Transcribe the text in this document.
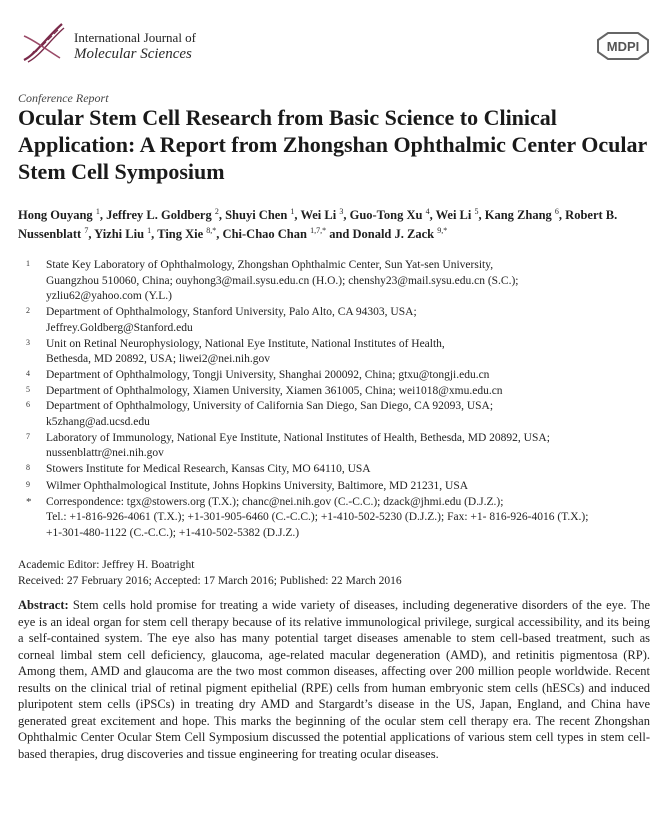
International Journal of
Molecular Sciences	MDPI
Conference Report
Ocular Stem Cell Research from Basic Science to Clinical Application: A Report from Zhongshan Ophthalmic Center Ocular Stem Cell Symposium
Hong Ouyang $^1$, Jeffrey L. Goldberg $^2$, Shuyi Chen $^1$, Wei Li $^3$, Guo-Tong Xu $^4$, Wei Li $^5$, Kang Zhang $^6$, Robert B. Nussenblatt $^7$, Yizhi Liu $^1$, Ting Xie $^{8,*}$, Chi-Chao Chan $^{1,7,*}$ and Donald J. Zack $^{9,*}$
1 State Key Laboratory of Ophthalmology, Zhongshan Ophthalmic Center, Sun Yat-sen University,
Guangzhou 510060, China; ouyhong3@mail.sysu.edu.cn (H.O.); chenshy23@mail.sysu.edu.cn (S.C.);
yzliu62@yahoo.com (Y.L.)
2 Department of Ophthalmology, Stanford University, Palo Alto, CA 94303, USA;
Jeffrey.Goldberg@Stanford.edu
3 Unit on Retinal Neurophysiology, National Eye Institute, National Institutes of Health,
Bethesda, MD 20892, USA; liwei2@nei.nih.gov
4 Department of Ophthalmology, Tongji University, Shanghai 200092, China; gtxu@tongji.edu.cn
5 Department of Ophthalmology, Xiamen University, Xiamen 361005, China; wei1018@xmu.edu.cn
6 Department of Ophthalmology, University of California San Diego, San Diego, CA 92093, USA;
k5zhang@ad.ucsd.edu
7 Laboratory of Immunology, National Eye Institute, National Institutes of Health, Bethesda, MD 20892, USA;
nussenblattr@nei.nih.gov
8 Stowers Institute for Medical Research, Kansas City, MO 64110, USA
9 Wilmer Ophthalmological Institute, Johns Hopkins University, Baltimore, MD 21231, USA
* Correspondence: tgx@stowers.org (T.X.); chanc@nei.nih.gov (C.-C.C.); dzack@jhmi.edu (D.J.Z.);
Tel.: +1-816-926-4061 (T.X.); +1-301-905-6460 (C.-C.C.); +1-410-502-5230 (D.J.Z.); Fax: +1- 816-926-4016 (T.X.);
+1-301-480-1122 (C.-C.C.); +1-410-502-5382 (D.J.Z.)
Academic Editor: Jeffrey H. Boatright
Received: 27 February 2016; Accepted: 17 March 2016; Published: 22 March 2016

Abstract: Stem cells hold promise for treating a wide variety of diseases, including degenerative disorders of the eye. The eye is an ideal organ for stem cell therapy because of its relative immunological privilege, surgical accessibility, and its being a self-contained system. The eye also has many potential target diseases amenable to stem cell-based treatment, such as corneal limbal stem cell deficiency, glaucoma, age-related macular degeneration (AMD), and retinitis pigmentosa (RP). Among them, AMD and glaucoma are the two most common diseases, affecting over 200 million people worldwide. Recent results on the clinical trial of retinal pigment epithelial (RPE) cells from human embryonic stem cells (hESCs) and induced pluripotent stem cells (iPSCs) in treating dry AMD and Stargardt’s disease in the US, Japan, England, and China have generated great excitement and hope. This marks the beginning of the ocular stem cell therapy era. The recent Zhongshan Ophthalmic Center Ocular Stem Cell Symposium discussed the potential applications of various stem cell types in stem cell-based therapies, drug discoveries and tissue engineering for treating ocular diseases.
